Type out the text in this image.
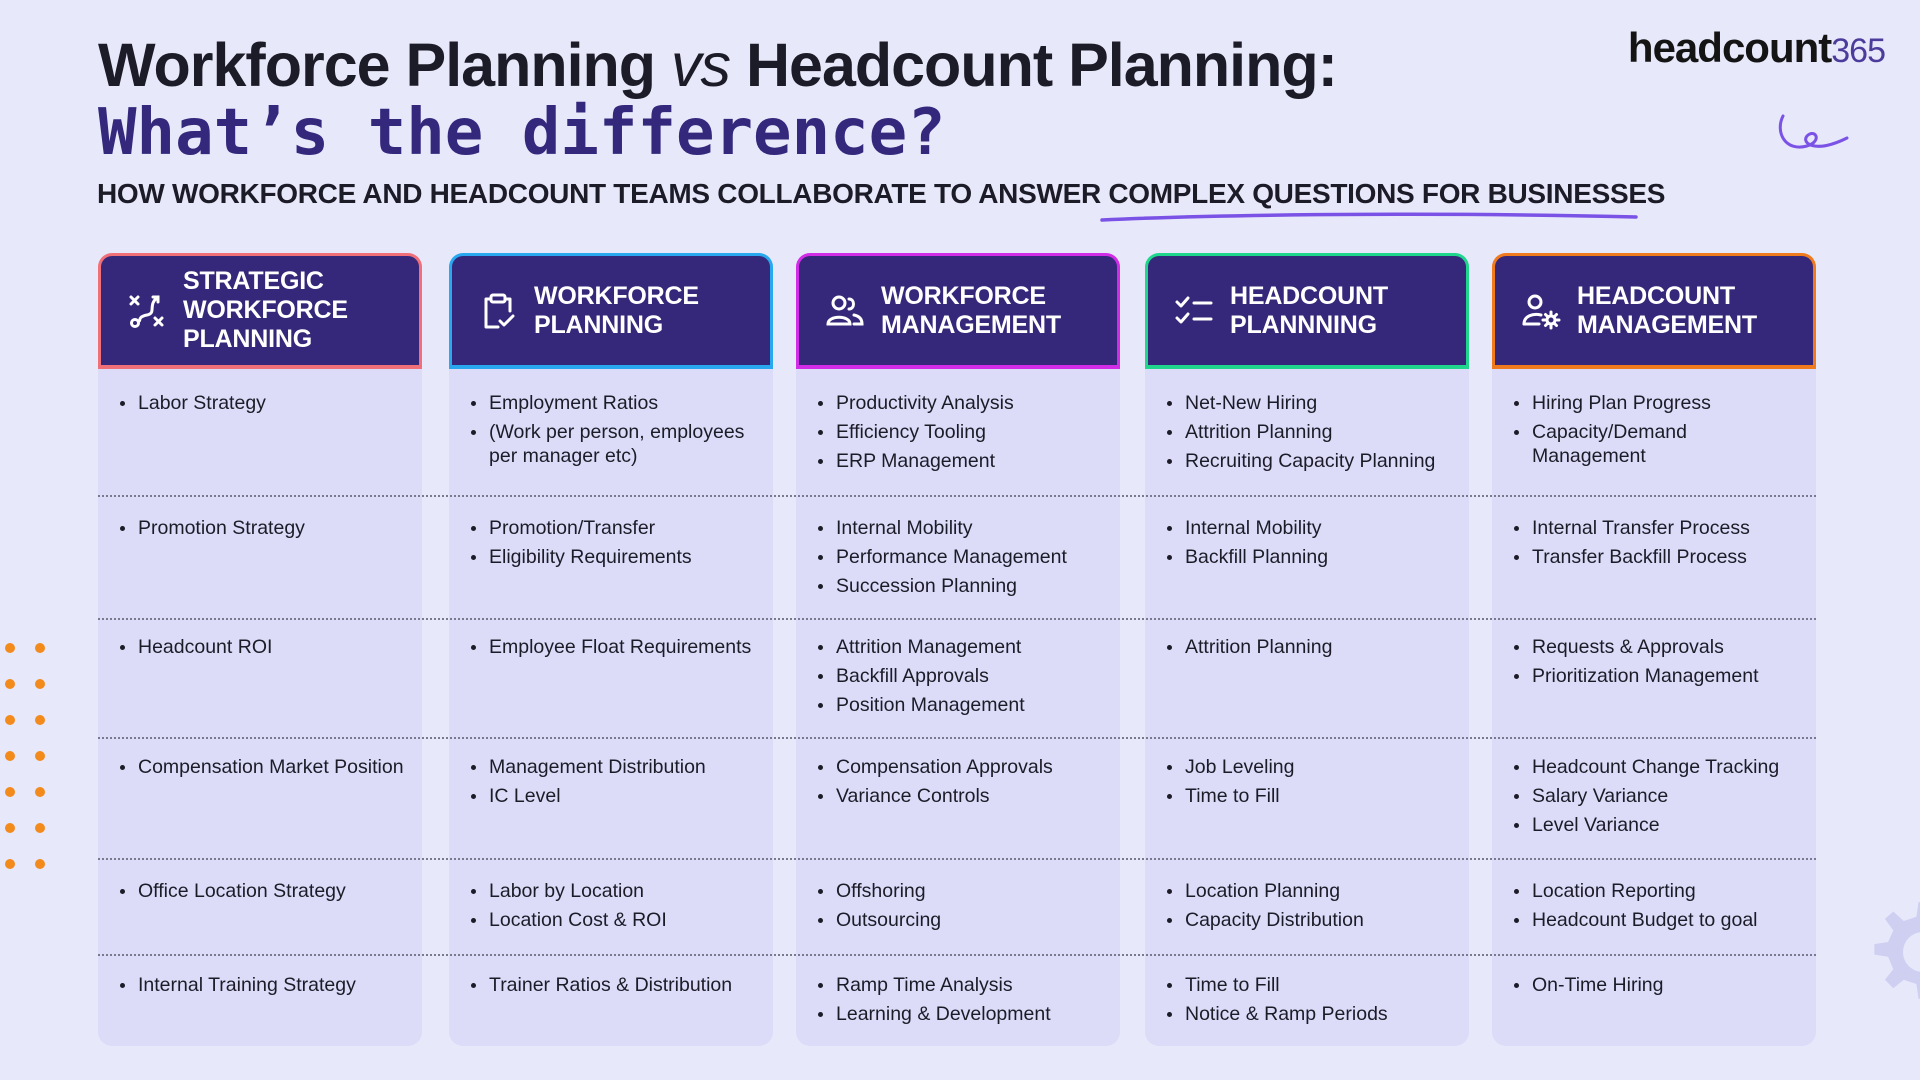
Workforce Planning vs Headcount Planning:
What’s the difference?
headcount365
HOW WORKFORCE AND HEADCOUNT TEAMS COLLABORATE TO ANSWER COMPLEX QUESTIONS FOR BUSINESSES
STRATEGIC WORKFORCE PLANNING
Labor Strategy
Promotion Strategy
Headcount ROI
Compensation Market Position
Office Location Strategy
Internal Training Strategy
WORKFORCE PLANNING
Employment Ratios
(Work per person, employees per manager etc)
Promotion/Transfer
Eligibility Requirements
Employee Float Requirements
Management Distribution
IC Level
Labor by Location
Location Cost & ROI
Trainer Ratios & Distribution
WORKFORCE MANAGEMENT
Productivity Analysis
Efficiency Tooling
ERP Management
Internal Mobility
Performance Management
Succession Planning
Attrition Management
Backfill Approvals
Position Management
Compensation Approvals
Variance Controls
Offshoring
Outsourcing
Ramp Time Analysis
Learning & Development
HEADCOUNT PLANNNING
Net-New Hiring
Attrition Planning
Recruiting Capacity Planning
Internal Mobility
Backfill Planning
Attrition Planning
Job Leveling
Time to Fill
Location Planning
Capacity Distribution
Time to Fill
Notice & Ramp Periods
HEADCOUNT MANAGEMENT
Hiring Plan Progress
Capacity/Demand Management
Internal Transfer Process
Transfer Backfill Process
Requests & Approvals
Prioritization Management
Headcount Change Tracking
Salary Variance
Level Variance
Location Reporting
Headcount Budget to goal
On-Time Hiring
